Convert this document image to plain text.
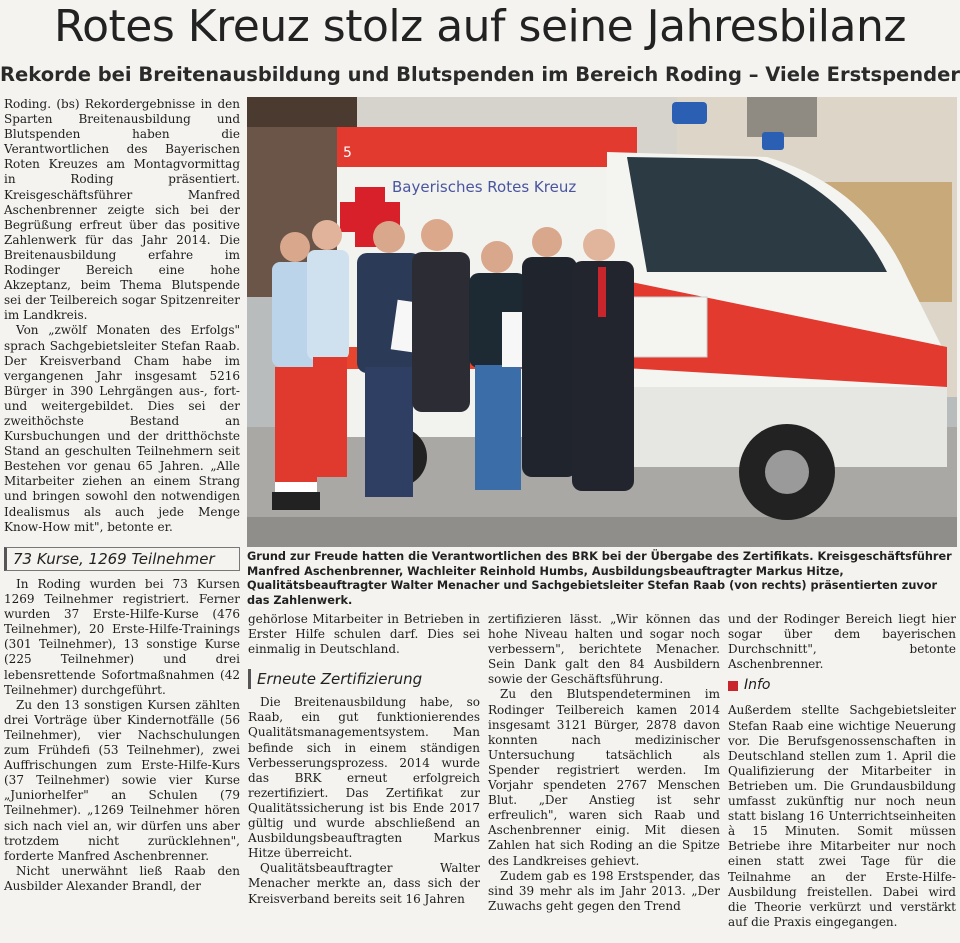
Rotes Kreuz stolz auf seine Jahresbilanz
Rekorde bei Breitenausbildung und Blutspenden im Bereich Roding – Viele Erstspender

Roding. (bs) Rekordergebnisse in den Sparten Breitenausbildung und Blutspenden haben die Verantwortlichen des Bayerischen Roten Kreuzes am Montagvormittag in Roding präsentiert. Kreisgeschäftsführer Manfred Aschenbrenner zeigte sich bei der Begrüßung erfreut über das positive Zahlenwerk für das Jahr 2014. Die Breitenausbildung erfahre im Rodinger Bereich eine hohe Akzeptanz, beim Thema Blutspende sei der Teilbereich sogar Spitzenreiter im Landkreis.

Von „zwölf Monaten des Erfolgs" sprach Sachgebietsleiter Stefan Raab. Der Kreisverband Cham habe im vergangenen Jahr insgesamt 5216 Bürger in 390 Lehrgängen aus-, fort- und weitergebildet. Dies sei der zweithöchste Bestand an Kursbuchungen und der dritthöchste Stand an geschulten Teilnehmern seit Bestehen vor genau 65 Jahren. „Alle Mitarbeiter ziehen an einem Strang und bringen sowohl den notwendigen Idealismus als auch jede Menge Know-How mit", betonte er.

Bayerisches Rotes Kreuz
5
Grund zur Freude hatten die Verantwortlichen des BRK bei der Übergabe des Zertifikats. Kreisgeschäftsführer Manfred Aschenbrenner, Wachleiter Reinhold Humbs, Ausbildungsbeauftragter Markus Hitze, Qualitätsbeauftragter Walter Menacher und Sachgebietsleiter Stefan Raab (von rechts) präsentierten zuvor das Zahlenwerk.
73 Kurse, 1269 Teilnehmer

In Roding wurden bei 73 Kursen 1269 Teilnehmer registriert. Ferner wurden 37 Erste-Hilfe-Kurse (476 Teilnehmer), 20 Erste-Hilfe-Trainings (301 Teilnehmer), 13 sonstige Kurse (225 Teilnehmer) und drei lebensrettende Sofortmaßnahmen (42 Teilnehmer) durchgeführt.

Zu den 13 sonstigen Kursen zählten drei Vorträge über Kindernotfälle (56 Teilnehmer), vier Nachschulungen zum Frühdefi (53 Teilnehmer), zwei Auffrischungen zum Erste-Hilfe-Kurs (37 Teilnehmer) sowie vier Kurse „Juniorhelfer" an Schulen (79 Teilnehmer). „1269 Teilnehmer hören sich nach viel an, wir dürfen uns aber trotzdem nicht zurücklehnen", forderte Manfred Aschenbrenner.

Nicht unerwähnt ließ Raab den Ausbilder Alexander Brandl, der

gehörlose Mitarbeiter in Betrieben in Erster Hilfe schulen darf. Dies sei einmalig in Deutschland.

Erneute Zertifizierung

Die Breitenausbildung habe, so Raab, ein gut funktionierendes Qualitätsmanagementsystem. Man befinde sich in einem ständigen Verbesserungsprozess. 2014 wurde das BRK erneut erfolgreich rezertifiziert. Das Zertifikat zur Qualitätssicherung ist bis Ende 2017 gültig und wurde abschließend an Ausbildungsbeauftragten Markus Hitze überreicht.

Qualitätsbeauftragter Walter Menacher merkte an, dass sich der Kreisverband bereits seit 16 Jahren

zertifizieren lässt. „Wir können das hohe Niveau halten und sogar noch verbessern", berichtete Menacher. Sein Dank galt den 84 Ausbildern sowie der Geschäftsführung.

Zu den Blutspendeterminen im Rodinger Teilbereich kamen 2014 insgesamt 3121 Bürger, 2878 davon konnten nach medizinischer Untersuchung tatsächlich als Spender registriert werden. Im Vorjahr spendeten 2767 Menschen Blut. „Der Anstieg ist sehr erfreulich", waren sich Raab und Aschenbrenner einig. Mit diesen Zahlen hat sich Roding an die Spitze des Landkreises gehievt.

Zudem gab es 198 Erstspender, das sind 39 mehr als im Jahr 2013. „Der Zuwachs geht gegen den Trend

und der Rodinger Bereich liegt hier sogar über dem bayerischen Durchschnitt", betonte Aschenbrenner.

Info

Außerdem stellte Sachgebietsleiter Stefan Raab eine wichtige Neuerung vor. Die Berufsgenossenschaften in Deutschland stellen zum 1. April die Qualifizierung der Mitarbeiter in Betrieben um. Die Grundausbildung umfasst zukünftig nur noch neun statt bislang 16 Unterrichtseinheiten à 15 Minuten. Somit müssen Betriebe ihre Mitarbeiter nur noch einen statt zwei Tage für die Teilnahme an der Erste-Hilfe-Ausbildung freistellen. Dabei wird die Theorie verkürzt und verstärkt auf die Praxis eingegangen.
